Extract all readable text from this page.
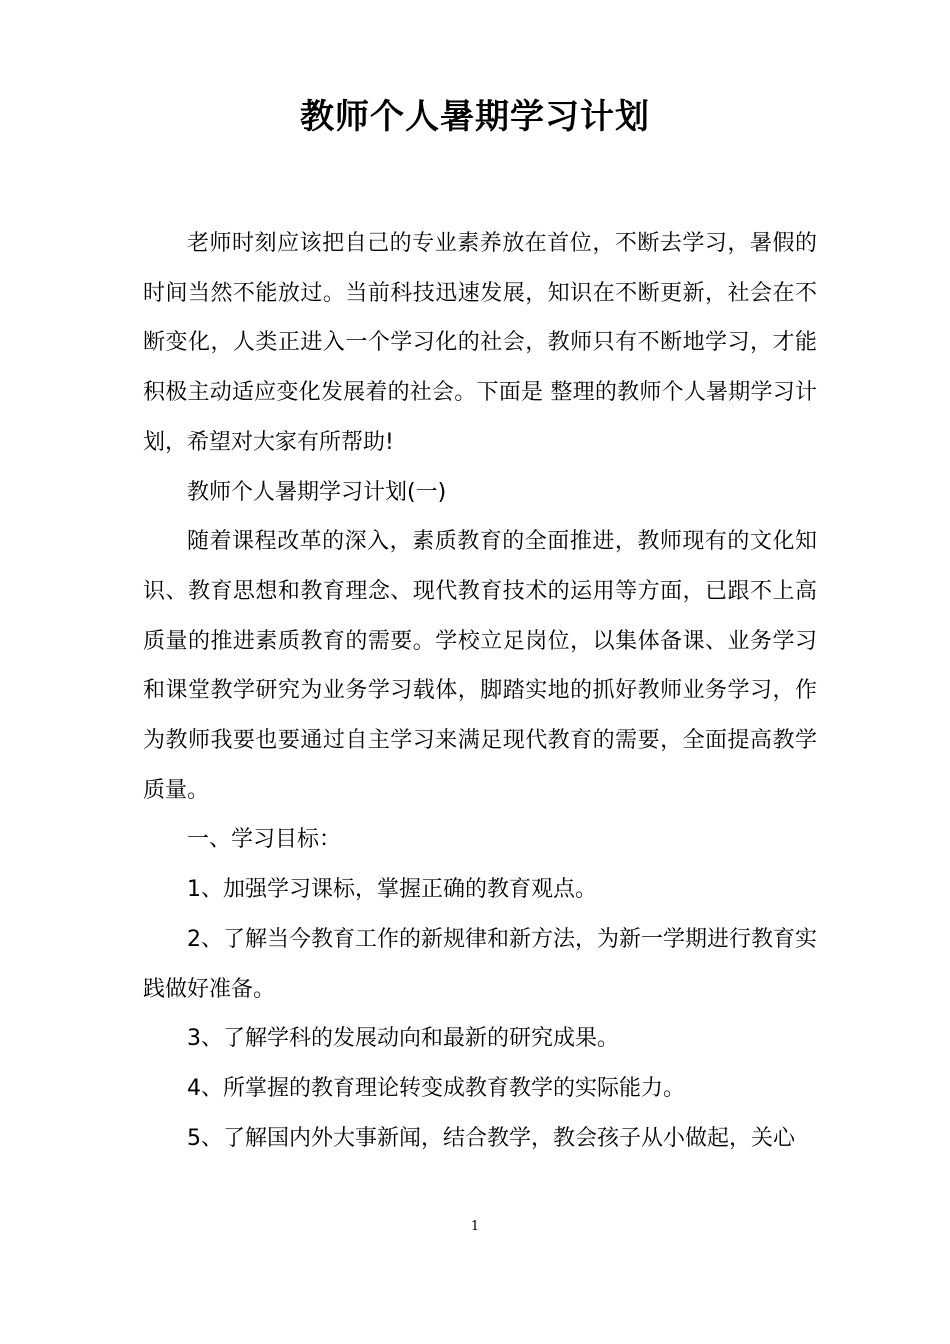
教师个人暑期学习计划

老师时刻应该把自己的专业素养放在首位，不断去学习，暑假的时间当然不能放过。当前科技迅速发展，知识在不断更新，社会在不断变化，人类正进入一个学习化的社会，教师只有不断地学习，才能积极主动适应变化发展着的社会。下面是 整理的教师个人暑期学习计划，希望对大家有所帮助!

教师个人暑期学习计划(一)

随着课程改革的深入，素质教育的全面推进，教师现有的文化知识、教育思想和教育理念、现代教育技术的运用等方面，已跟不上高质量的推进素质教育的需要。学校立足岗位，以集体备课、业务学习和课堂教学研究为业务学习载体，脚踏实地的抓好教师业务学习，作为教师我要也要通过自主学习来满足现代教育的需要，全面提高教学质量。

一、学习目标：

1、加强学习课标，掌握正确的教育观点。

2、了解当今教育工作的新规律和新方法，为新一学期进行教育实践做好准备。

3、了解学科的发展动向和最新的研究成果。

4、所掌握的教育理论转变成教育教学的实际能力。

5、了解国内外大事新闻，结合教学，教会孩子从小做起，关心

1
